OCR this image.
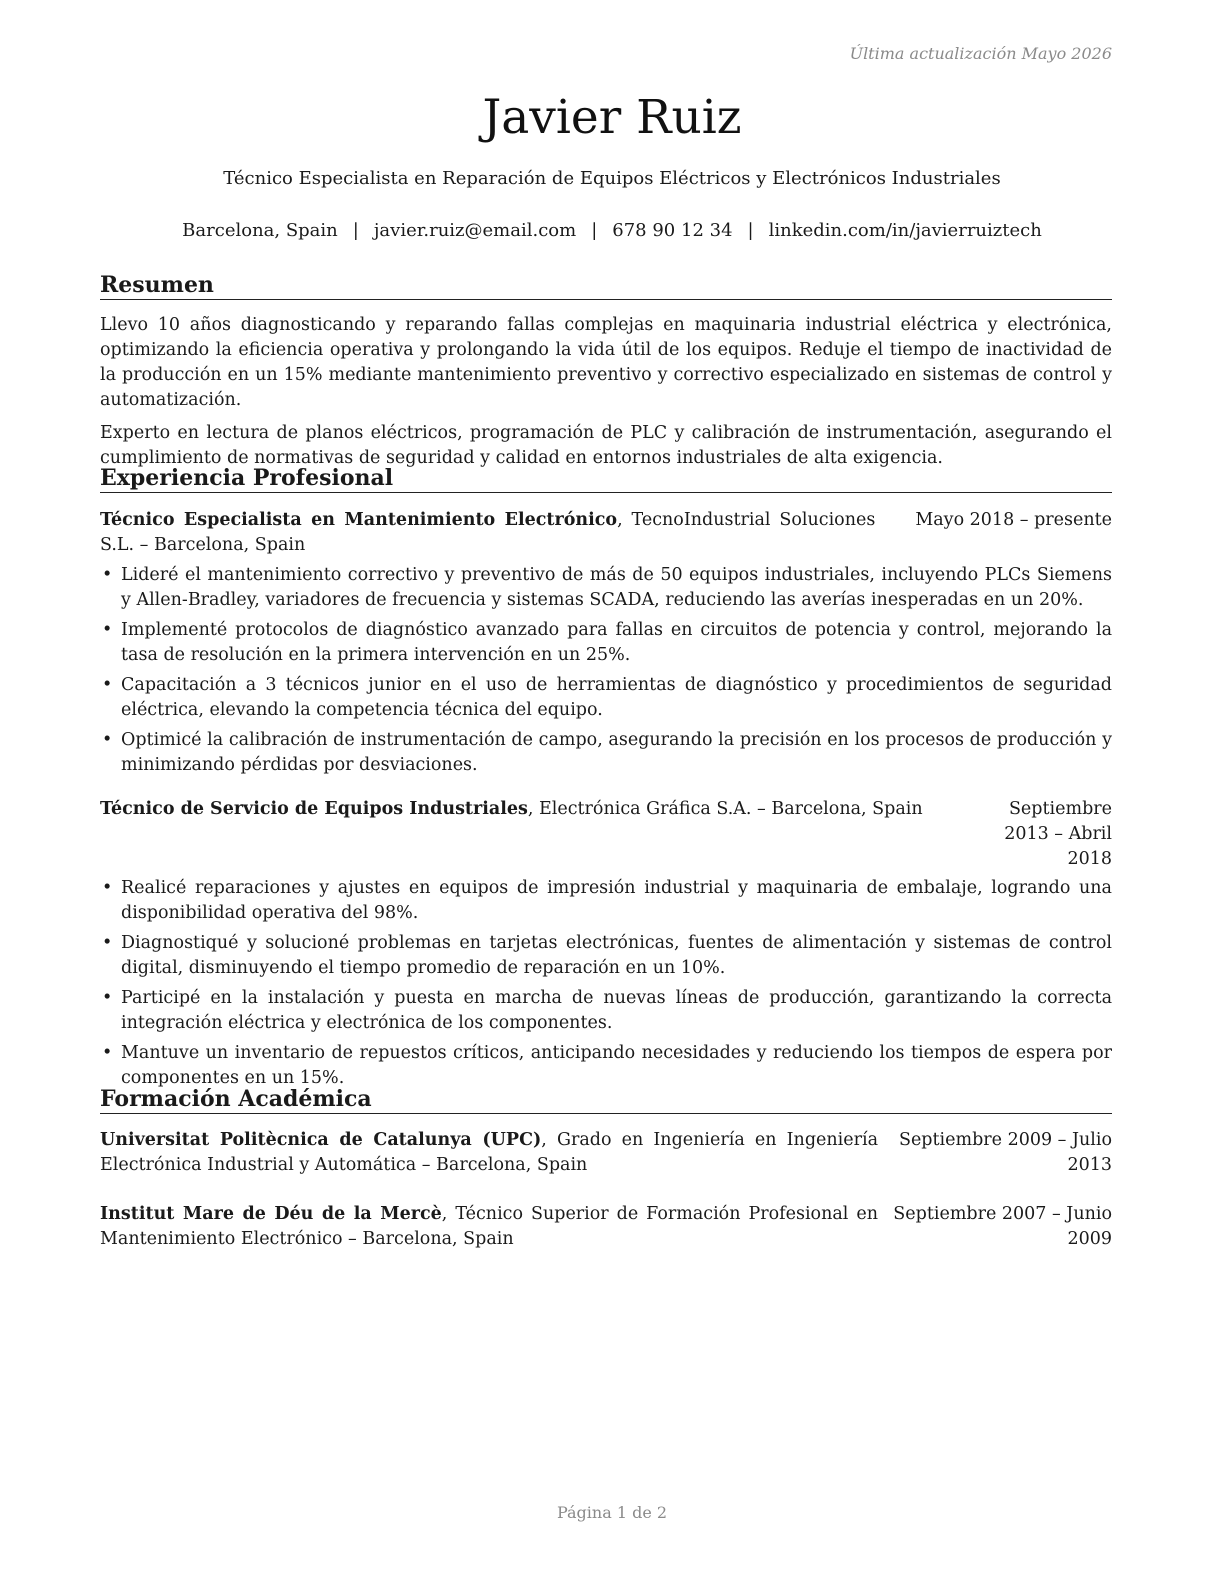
Última actualización Mayo 2026
Javier Ruiz
Técnico Especialista en Reparación de Equipos Eléctricos y Electrónicos Industriales
Barcelona, Spain | javier.ruiz@email.com | 678 90 12 34 | linkedin.com/in/javierruiztech
Resumen

Llevo 10 años diagnosticando y reparando fallas complejas en maquinaria industrial eléctrica y electrónica, optimizando la eficiencia operativa y prolongando la vida útil de los equipos. Reduje el tiempo de inactividad de la producción en un 15% mediante mantenimiento preventivo y correctivo especializado en sistemas de control y automatización.

Experto en lectura de planos eléctricos, programación de PLC y calibración de instrumentación, asegurando el cumplimiento de normativas de seguridad y calidad en entornos industriales de alta exigencia.

Experiencia Profesional
Técnico Especialista en Mantenimiento Electrónico, TecnoIndustrial Soluciones S.L. – Barcelona, Spain
Mayo 2018 – presente
• Lideré el mantenimiento correctivo y preventivo de más de 50 equipos industriales, incluyendo PLCs Siemens y Allen-Bradley, variadores de frecuencia y sistemas SCADA, reduciendo las averías inesperadas en un 20%.
• Implementé protocolos de diagnóstico avanzado para fallas en circuitos de potencia y control, mejorando la tasa de resolución en la primera intervención en un 25%.
• Capacitación a 3 técnicos junior en el uso de herramientas de diagnóstico y procedimientos de seguridad eléctrica, elevando la competencia técnica del equipo.
• Optimicé la calibración de instrumentación de campo, asegurando la precisión en los procesos de producción y minimizando pérdidas por desviaciones.
Técnico de Servicio de Equipos Industriales, Electrónica Gráfica S.A. – Barcelona, Spain	Septiembre 2013 – Abril 2018
• Realicé reparaciones y ajustes en equipos de impresión industrial y maquinaria de embalaje, logrando una disponibilidad operativa del 98%.
• Diagnostiqué y solucioné problemas en tarjetas electrónicas, fuentes de alimentación y sistemas de control digital, disminuyendo el tiempo promedio de reparación en un 10%.
• Participé en la instalación y puesta en marcha de nuevas líneas de producción, garantizando la correcta integración eléctrica y electrónica de los componentes.
• Mantuve un inventario de repuestos críticos, anticipando necesidades y reduciendo los tiempos de espera por componentes en un 15%.
Formación Académica
Universitat Politècnica de Catalunya (UPC), Grado en Ingeniería en Ingeniería Electrónica Industrial y Automática – Barcelona, Spain
Septiembre 2009 – Julio 2013
Institut Mare de Déu de la Mercè, Técnico Superior de Formación Profesional en Mantenimiento Electrónico – Barcelona, Spain
Septiembre 2007 – Junio 2009
Página 1 de 2
